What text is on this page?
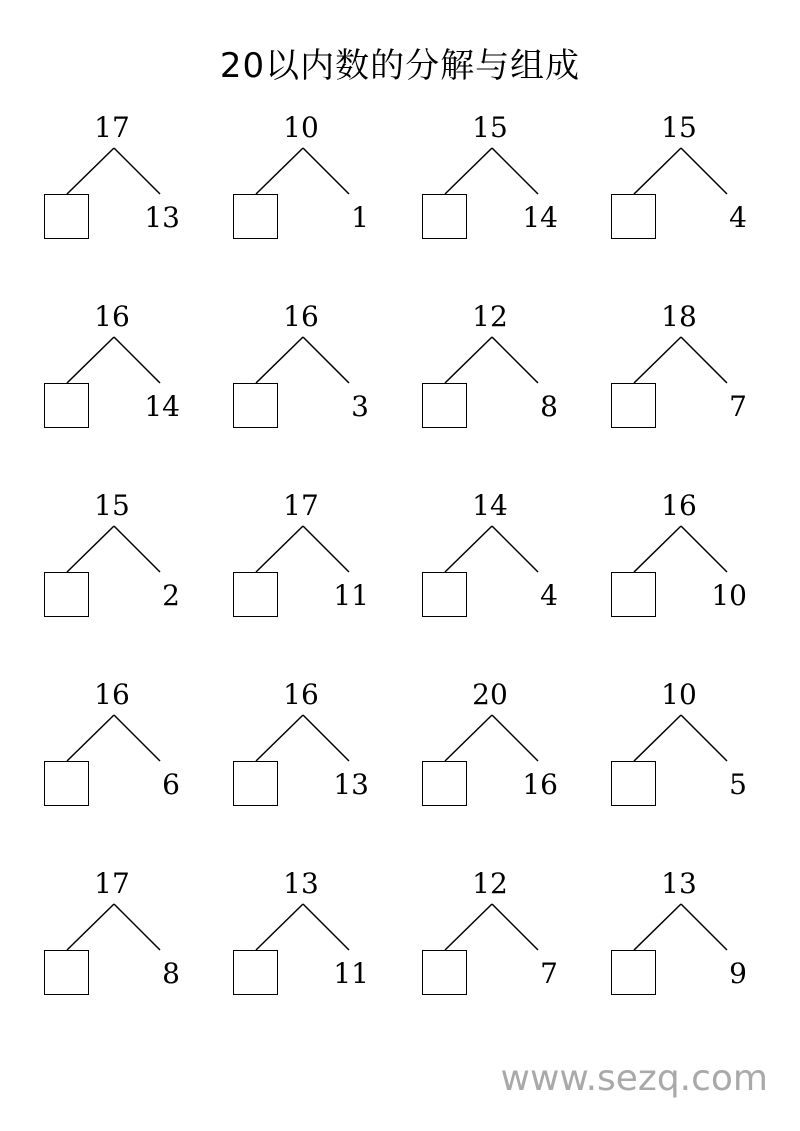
20以内数的分解与组成
17
13
10
1
15
14
15
4
16
14
16
3
12
8
18
7
15
2
17
11
14
4
16
10
16
6
16
13
20
16
10
5
17
8
13
11
12
7
13
9
www.sezq.com
